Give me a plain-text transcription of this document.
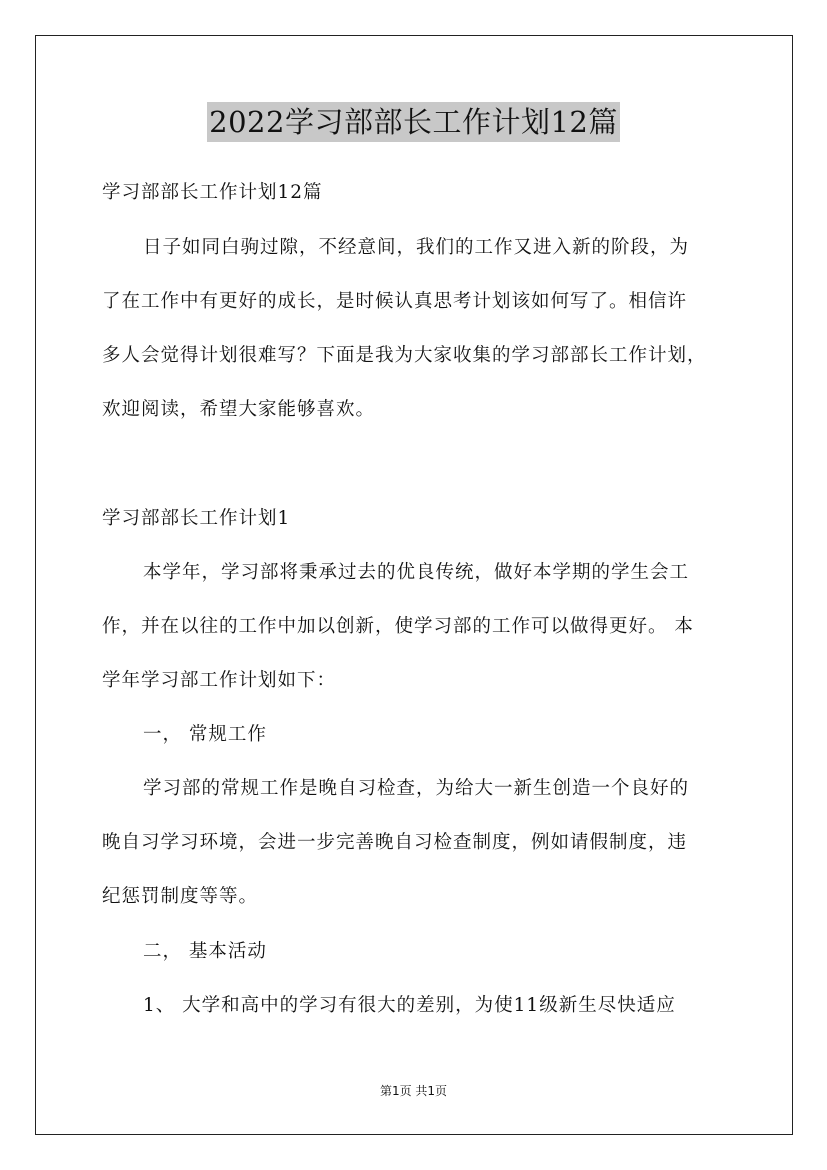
2022学习部部长工作计划12篇
学习部部长工作计划12篇
日子如同白驹过隙，不经意间，我们的工作又进入新的阶段，为
了在工作中有更好的成长，是时候认真思考计划该如何写了。相信许
多人会觉得计划很难写？下面是我为大家收集的学习部部长工作计划，
欢迎阅读，希望大家能够喜欢。
学习部部长工作计划1
本学年，学习部将秉承过去的优良传统，做好本学期的学生会工
作，并在以往的工作中加以创新，使学习部的工作可以做得更好。 本
学年学习部工作计划如下：
一， 常规工作
学习部的常规工作是晚自习检查，为给大一新生创造一个良好的
晚自习学习环境，会进一步完善晚自习检查制度，例如请假制度，违
纪惩罚制度等等。
二， 基本活动
1、 大学和高中的学习有很大的差别，为使11级新生尽快适应
第1页 共1页
